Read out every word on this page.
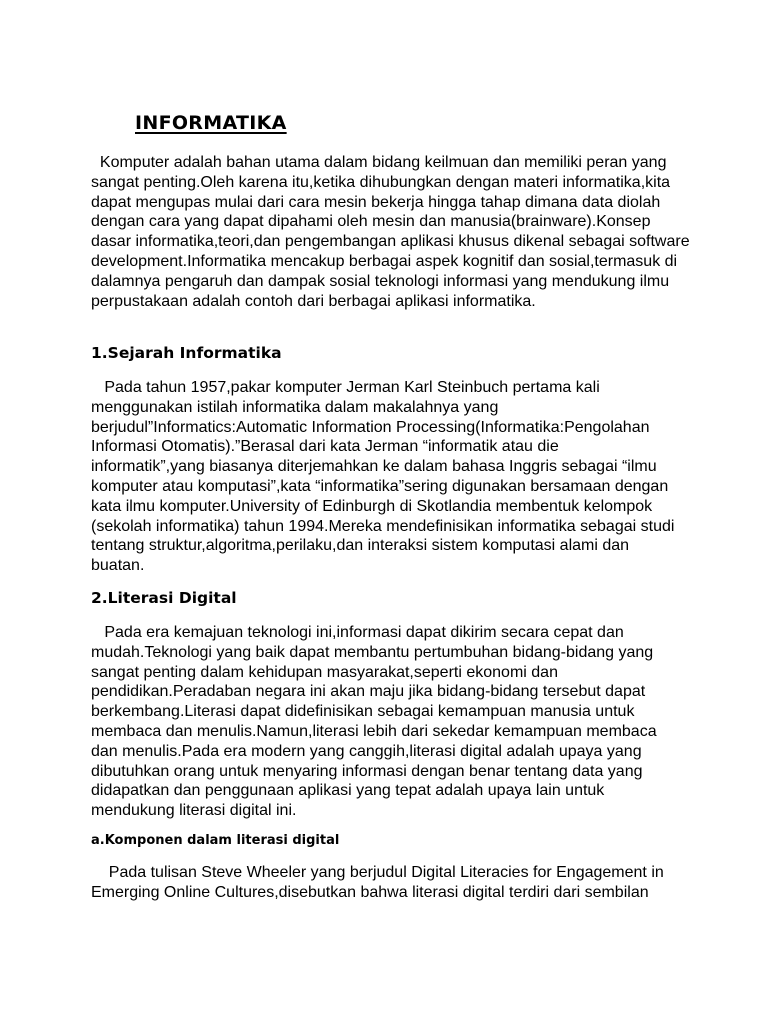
INFORMATIKA

Komputer adalah bahan utama dalam bidang keilmuan dan memiliki peran yang sangat penting.Oleh karena itu,ketika dihubungkan dengan materi informatika,kita dapat mengupas mulai dari cara mesin bekerja hingga tahap dimana data diolah dengan cara yang dapat dipahami oleh mesin dan manusia(brainware).Konsep dasar informatika,teori,dan pengembangan aplikasi khusus dikenal sebagai software development.Informatika mencakup berbagai aspek kognitif dan sosial,termasuk di dalamnya pengaruh dan dampak sosial teknologi informasi yang mendukung ilmu perpustakaan adalah contoh dari berbagai aplikasi informatika.

1.Sejarah Informatika

Pada tahun 1957,pakar komputer Jerman Karl Steinbuch pertama kali menggunakan istilah informatika dalam makalahnya yang berjudul”Informatics:Automatic Information Processing(Informatika:Pengolahan Informasi Otomatis).”Berasal dari kata Jerman “informatik atau die informatik”,yang biasanya diterjemahkan ke dalam bahasa Inggris sebagai “ilmu komputer atau komputasi”,kata “informatika”sering digunakan bersamaan dengan kata ilmu komputer.University of Edinburgh di Skotlandia membentuk kelompok (sekolah informatika) tahun 1994.Mereka mendefinisikan informatika sebagai studi tentang struktur,algoritma,perilaku,dan interaksi sistem komputasi alami dan buatan.

2.Literasi Digital

Pada era kemajuan teknologi ini,informasi dapat dikirim secara cepat dan mudah.Teknologi yang baik dapat membantu pertumbuhan bidang-bidang yang sangat penting dalam kehidupan masyarakat,seperti ekonomi dan pendidikan.Peradaban negara ini akan maju jika bidang-bidang tersebut dapat berkembang.Literasi dapat didefinisikan sebagai kemampuan manusia untuk membaca dan menulis.Namun,literasi lebih dari sekedar kemampuan membaca dan menulis.Pada era modern yang canggih,literasi digital adalah upaya yang dibutuhkan orang untuk menyaring informasi dengan benar tentang data yang didapatkan dan penggunaan aplikasi yang tepat adalah upaya lain untuk mendukung literasi digital ini.

a.Komponen dalam literasi digital

Pada tulisan Steve Wheeler yang berjudul Digital Literacies for Engagement in Emerging Online Cultures,disebutkan bahwa literasi digital terdiri dari sembilan
